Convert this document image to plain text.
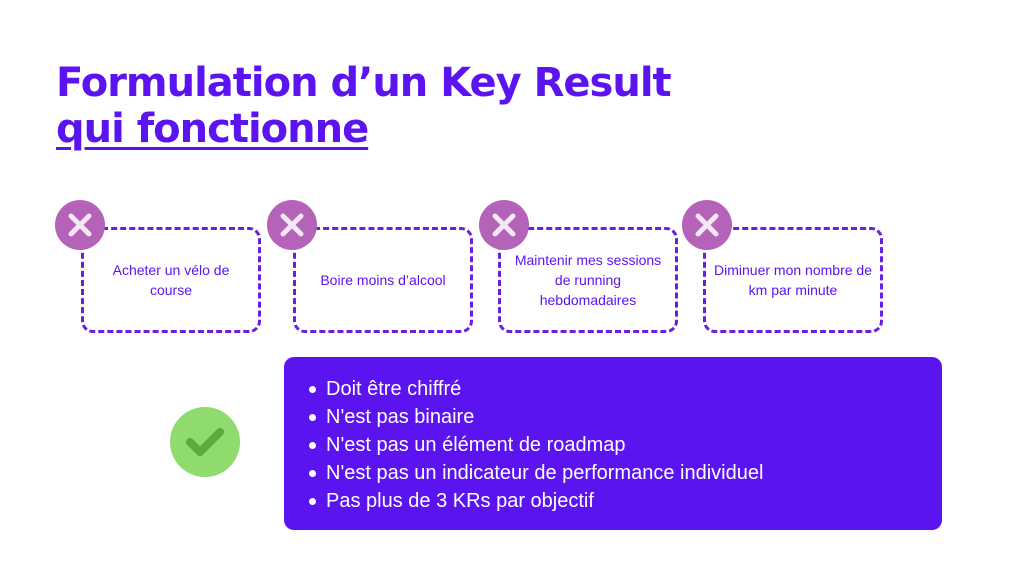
Formulation d’un Key Result
qui fonctionne
Acheter un vélo de course
Boire moins d’alcool
Maintenir mes sessions de running hebdomadaires
Diminuer mon nombre de km par minute
Doit être chiffré
N'est pas binaire
N'est pas un élément de roadmap
N'est pas un indicateur de performance individuel
Pas plus de 3 KRs par objectif
